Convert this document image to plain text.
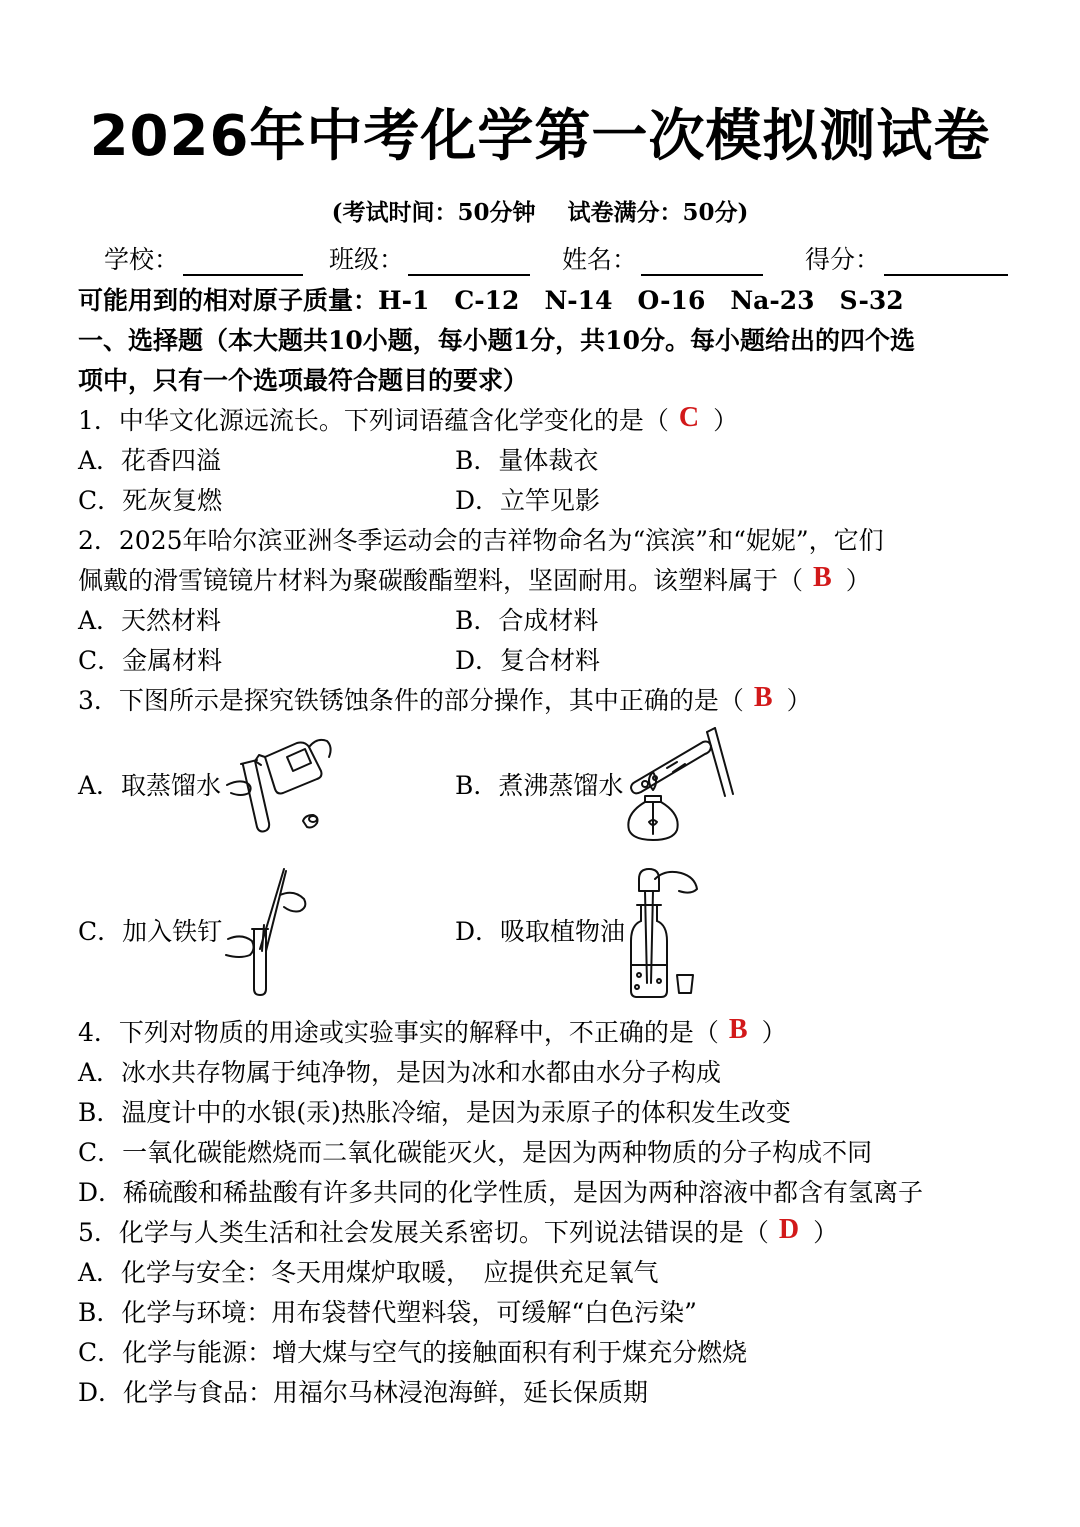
2026年中考化学第一次模拟测试卷
(考试时间：50分钟 试卷满分：50分)
学校：	班级：	姓名：	得分：
可能用到的相对原子质量：H-1　C-12　N-14　O-16　Na-23　S-32
一、选择题（本大题共10小题，每小题1分，共10分。每小题给出的四个选
项中，只有一个选项最符合题目的要求）
1．中华文化源远流长。下列词语蕴含化学变化的是（ C ）
A．花香四溢	B．量体裁衣
C．死灰复燃	D．立竿见影
2．2025年哈尔滨亚洲冬季运动会的吉祥物命名为“滨滨”和“妮妮”，它们
佩戴的滑雪镜镜片材料为聚碳酸酯塑料，坚固耐用。该塑料属于（ B ）
A．天然材料	B．合成材料
C．金属材料	D．复合材料
3．下图所示是探究铁锈蚀条件的部分操作，其中正确的是（ B ）
A．取蒸馏水	B．煮沸蒸馏水
C．加入铁钉	D．吸取植物油
4．下列对物质的用途或实验事实的解释中，不正确的是（ B ）
A．冰水共存物属于纯净物，是因为冰和水都由水分子构成
B．温度计中的水银(汞)热胀冷缩，是因为汞原子的体积发生改变
C．一氧化碳能燃烧而二氧化碳能灭火，是因为两种物质的分子构成不同
D．稀硫酸和稀盐酸有许多共同的化学性质，是因为两种溶液中都含有氢离子
5．化学与人类生活和社会发展关系密切。下列说法错误的是（ D ）
A．化学与安全：冬天用煤炉取暖，　应提供充足氧气
B．化学与环境：用布袋替代塑料袋，可缓解“白色污染”
C．化学与能源：增大煤与空气的接触面积有利于煤充分燃烧
D．化学与食品：用福尔马林浸泡海鲜，延长保质期
